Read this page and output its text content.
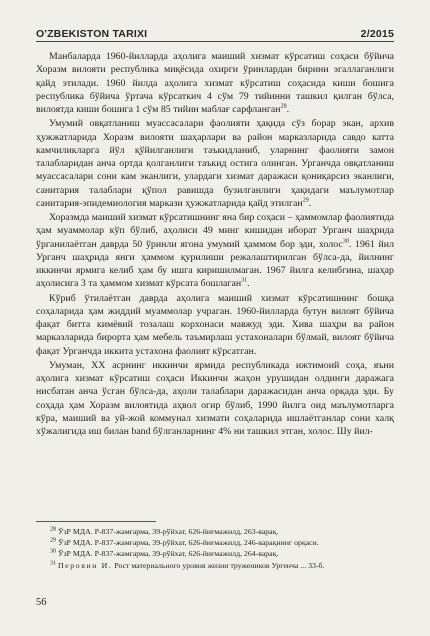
O'ZBEKISTON TARIXI	2/2015

Манбаларда 1960-йилларда аҳолига маиший хизмат кўрсатиш соҳаси бўйича Хоразм вилояти республика миқёсида охирги ўринлардан бирини эгаллаганлиги қайд этилади. 1960 йилда аҳолига хизмат кўрсатиш соҳасида киши бошига республика бўйича ўртача кўрсаткич 4 сўм 79 тийинни ташкил қилган бўлса, вилоятда киши бошига 1 сўм 85 тийин маблағ сарфланган$^{28}$.

Умумий овқатланиш муассасалари фаолияти ҳақида сўз борар экан, архив ҳужжатларида Хоразм вилояти шаҳарлари ва район марказларида савдо катта камчиликларга йўл қўйилганлиги таъкидланиб, уларнинг фаолияти замон талабларидан анча ортда қолганлиги таъкид остига олинган. Урганчда овқатланиш муассасалари сони кам эканлиги, улардаги хизмат даражаси қониқарсиз эканлиги, санитария талаблари қўпол равишда бузилганлиги ҳақидаги маълумотлар санитария-эпидемиология маркази ҳужжатларида қайд этилган$^{29}$.

Хоразмда маиший хизмат кўрсатишнинг яна бир соҳаси – ҳаммомлар фаолиятида ҳам муаммолар кўп бўлиб, аҳолиси 49 минг кишидан иборат Урганч шаҳрида ўрганилаётган даврда 50 ўринли ягона умумий ҳаммом бор эди, холос$^{30}$. 1961 йил Урганч шаҳрида янги ҳаммом қурилиши режалаштирилган бўлса-да, йилнинг иккинчи ярмига келиб ҳам бу ишга киришилмаган. 1967 йилга келибгина, шаҳар аҳолисига 3 та ҳаммом хизмат кўрсата бошлаган$^{31}$.

Кўриб ўтилаётган даврда аҳолига маиший хизмат кўрсатишнинг бошқа соҳаларида ҳам жиддий муаммолар учраган. 1960-йилларда бутун вилоят бўйича фақат битта кимёвий тозалаш корхонаси мавжуд эди. Хива шаҳри ва район марказларида бирорта ҳам мебель таъмирлаш устахоналари бўлмай, вилоят бўйича фақат Урганчда иккита устахона фаолият кўрсатган.

Умуман, XX асрнинг иккинчи ярмида республикада ижтимоий соҳа, яъни аҳолига хизмат кўрсатиш соҳаси Иккинчи жаҳон урушидан олдинги даражага нисбатан анча ўсган бўлса-да, аҳоли талаблари даражасидан анча орқада эди. Бу соҳада ҳам Хоразм вилоятида аҳвол огир бўлиб, 1990 йилга оид маълумотларга кўра, маиший ва уй-жой коммунал хизмати соҳаларида ишлаётганлар сони халқ хўжалигида иш билан band бўлганларнинг 4% ни ташкил этган, холос. Шу йил-

$^{28}$ ЎзР МДА. Р-837-жамғарма, 39-рўйхат, 626-йиғмажилд, 263-варақ.
$^{29}$ ЎзР МДА. Р-837-жамғарма, 39-рўйхат, 626-йиғмажилд, 246-варақнинг орқаси.
$^{30}$ ЎзР МДА. Р-837-жамғарма, 39-рўйхат, 626-йиғмажилд, 264-варақ.
$^{31}$ Перовин И. Рост материального уровня жизни тружеников Ургенча ... 33-б.
56
